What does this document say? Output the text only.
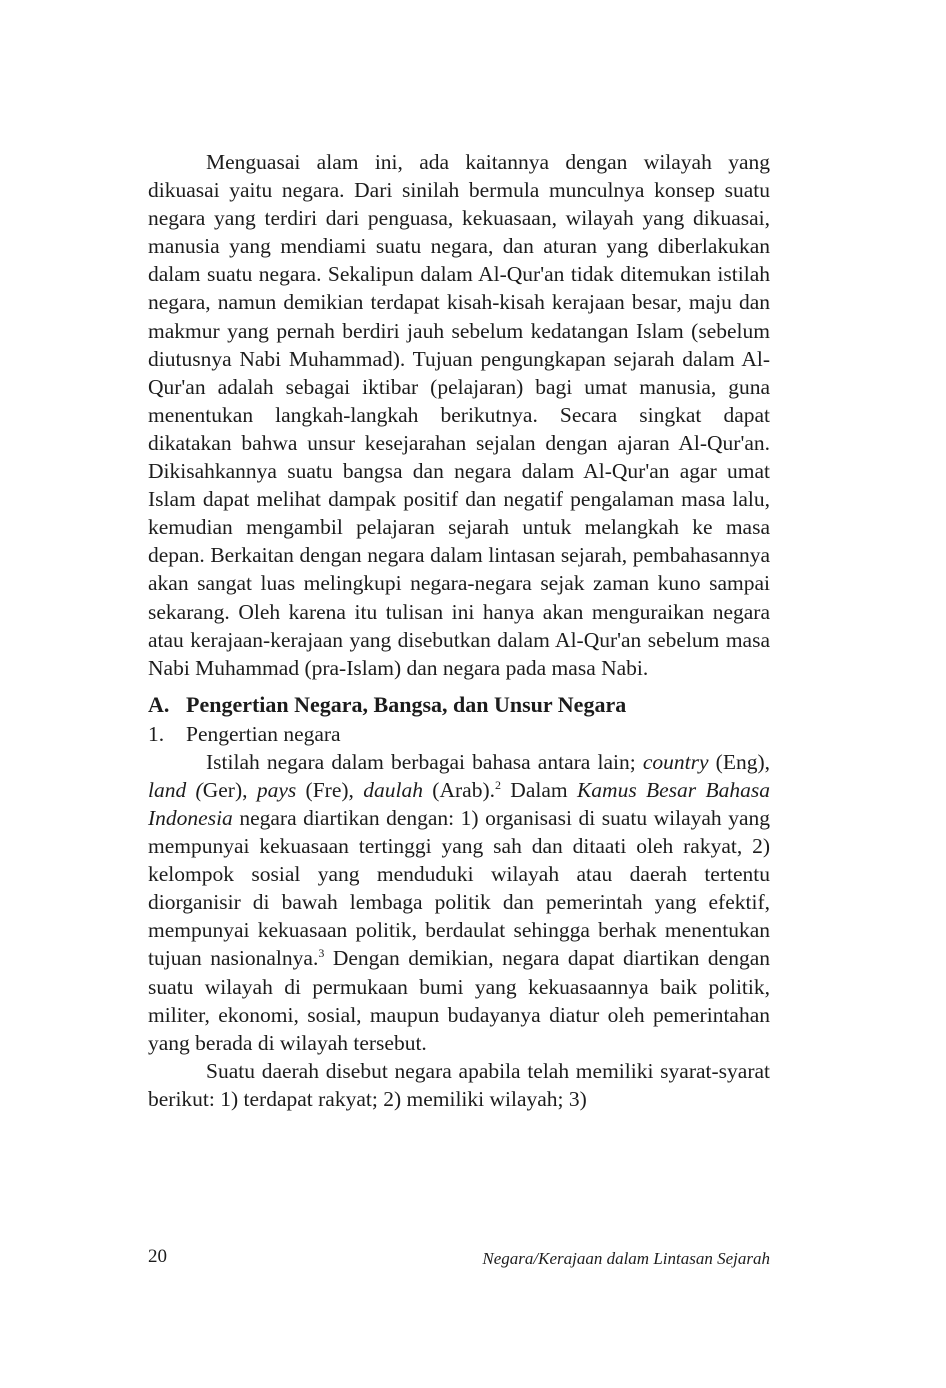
Menguasai alam ini, ada kaitannya dengan wilayah yang dikuasai yaitu negara. Dari sinilah bermula munculnya konsep suatu negara yang terdiri dari penguasa, kekuasaan, wilayah yang dikuasai, manusia yang mendiami suatu negara, dan aturan yang diberlakukan dalam suatu negara. Sekalipun dalam Al-Qur'an tidak ditemukan istilah negara, namun demikian terdapat kisah-kisah kerajaan besar, maju dan makmur yang pernah berdiri jauh sebelum kedatangan Islam (sebelum diutusnya Nabi Muhammad). Tujuan pengungkapan sejarah dalam Al-Qur'an adalah sebagai iktibar (pelajaran) bagi umat manusia, guna menentukan langkah-langkah berikutnya. Secara singkat dapat dikatakan bahwa unsur kesejarahan sejalan dengan ajaran Al-Qur'an. Dikisahkannya suatu bangsa dan negara dalam Al-Qur'an agar umat Islam dapat melihat dampak positif dan negatif pengalaman masa lalu, kemudian mengambil pelajaran sejarah untuk melangkah ke masa depan. Berkaitan dengan negara dalam lintasan sejarah, pembahasannya akan sangat luas melingkupi negara-negara sejak zaman kuno sampai sekarang. Oleh karena itu tulisan ini hanya akan menguraikan negara atau kerajaan-kerajaan yang disebutkan dalam Al-Qur'an sebelum masa Nabi Muhammad (pra-Islam) dan negara pada masa Nabi.

A. Pengertian Negara, Bangsa, dan Unsur Negara
1.	Pengertian negara

Istilah negara dalam berbagai bahasa antara lain; country (Eng), land (Ger), pays (Fre), daulah (Arab).$^2$ Dalam Kamus Besar Bahasa Indonesia negara diartikan dengan: 1) organisasi di suatu wilayah yang mempunyai kekuasaan tertinggi yang sah dan ditaati oleh rakyat, 2) kelompok sosial yang menduduki wilayah atau daerah tertentu diorganisir di bawah lembaga politik dan pemerintah yang efektif, mempunyai kekuasaan politik, berdaulat sehingga berhak menentukan tujuan nasionalnya.$^3$ Dengan demikian, negara dapat diartikan dengan suatu wilayah di permukaan bumi yang kekuasaannya baik politik, militer, ekonomi, sosial, maupun budayanya diatur oleh pemerintahan yang berada di wilayah tersebut.

Suatu daerah disebut negara apabila telah memiliki syarat-syarat berikut: 1) terdapat rakyat; 2) memiliki wilayah; 3)

20	Negara/Kerajaan dalam Lintasan Sejarah
